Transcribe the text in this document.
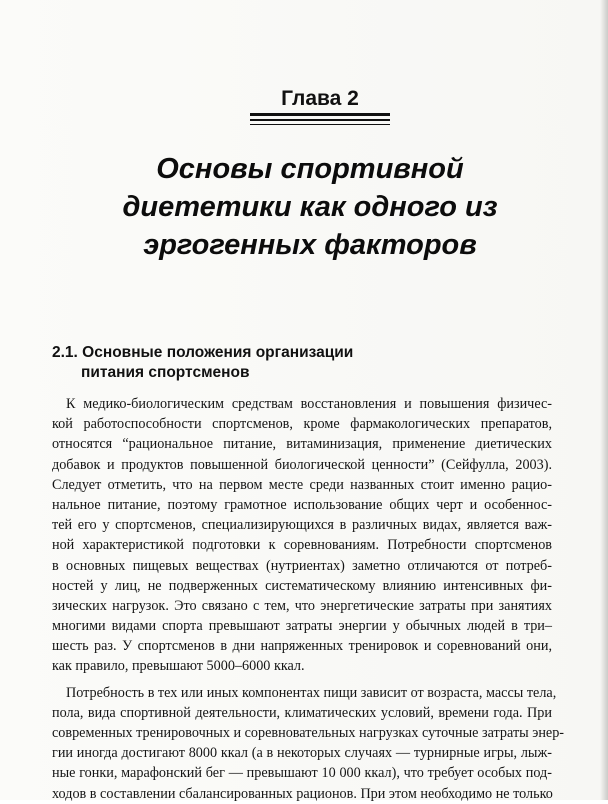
Глава 2
Основы спортивной
диететики как одного из
эргогенных факторов
2.1. Основные положения организации
питания спортсменов
К медико-биологическим средствам восстановления и повышения физичес-
кой работоспособности спортсменов, кроме фармакологических препаратов,
относятся “рациональное питание, витаминизация, применение диетических
добавок и продуктов повышенной биологической ценности” (Сейфулла, 2003).
Следует отметить, что на первом месте среди названных стоит именно рацио-
нальное питание, поэтому грамотное использование общих черт и особеннос-
тей его у спортсменов, специализирующихся в различных видах, является важ-
ной характеристикой подготовки к соревнованиям. Потребности спортсменов
в основных пищевых веществах (нутриентах) заметно отличаются от потреб-
ностей у лиц, не подверженных систематическому влиянию интенсивных фи-
зических нагрузок. Это связано с тем, что энергетические затраты при занятиях
многими видами спорта превышают затраты энергии у обычных людей в три–
шесть раз. У спортсменов в дни напряженных тренировок и соревнований они,
как правило, превышают 5000–6000 ккал.
Потребность в тех или иных компонентах пищи зависит от возраста, массы тела,
пола, вида спортивной деятельности, климатических условий, времени года. При
современных тренировочных и соревновательных нагрузках суточные затраты энер-
гии иногда достигают 8000 ккал (а в некоторых случаях — турнирные игры, лыж-
ные гонки, марафонский бег — превышают 10 000 ккал), что требует особых под-
ходов в составлении сбалансированных рационов. При этом необходимо не только
